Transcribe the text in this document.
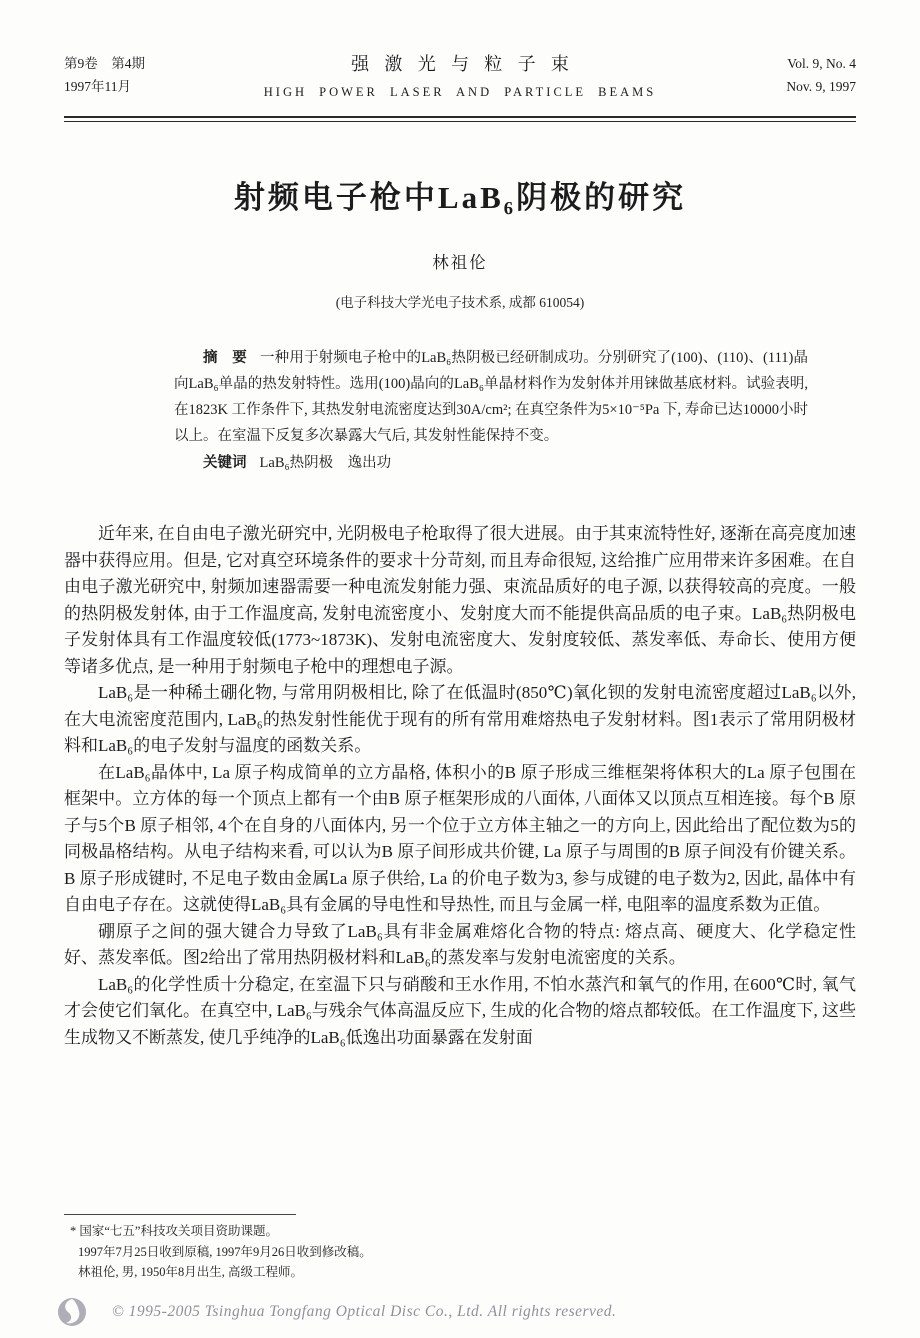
第9卷　第4期
1997年11月
强激光与粒子束
HIGH POWER LASER AND PARTICLE BEAMS
Vol. 9, No. 4
Nov. 9, 1997
射频电子枪中LaB₆阴极的研究
林祖伦
(电子科技大学光电子技术系, 成都 610054)

摘　要 一种用于射频电子枪中的LaB₆热阴极已经研制成功。分别研究了(100)、(110)、(111)晶向LaB₆单晶的热发射特性。选用(100)晶向的LaB₆单晶材料作为发射体并用铼做基底材料。试验表明, 在1823K 工作条件下, 其热发射电流密度达到30A/cm²; 在真空条件为5×10⁻⁵Pa 下, 寿命已达10000小时以上。在室温下反复多次暴露大气后, 其发射性能保持不变。

关键词 LaB₆热阴极　逸出功

近年来, 在自由电子激光研究中, 光阴极电子枪取得了很大进展。由于其束流特性好, 逐渐在高亮度加速器中获得应用。但是, 它对真空环境条件的要求十分苛刻, 而且寿命很短, 这给推广应用带来许多困难。在自由电子激光研究中, 射频加速器需要一种电流发射能力强、束流品质好的电子源, 以获得较高的亮度。一般的热阴极发射体, 由于工作温度高, 发射电流密度小、发射度大而不能提供高品质的电子束。LaB₆热阴极电子发射体具有工作温度较低(1773~1873K)、发射电流密度大、发射度较低、蒸发率低、寿命长、使用方便等诸多优点, 是一种用于射频电子枪中的理想电子源。

LaB₆是一种稀土硼化物, 与常用阴极相比, 除了在低温时(850℃)氧化钡的发射电流密度超过LaB₆以外, 在大电流密度范围内, LaB₆的热发射性能优于现有的所有常用难熔热电子发射材料。图1表示了常用阴极材料和LaB₆的电子发射与温度的函数关系。

在LaB₆晶体中, La 原子构成简单的立方晶格, 体积小的B 原子形成三维框架将体积大的La 原子包围在框架中。立方体的每一个顶点上都有一个由B 原子框架形成的八面体, 八面体又以顶点互相连接。每个B 原子与5个B 原子相邻, 4个在自身的八面体内, 另一个位于立方体主轴之一的方向上, 因此给出了配位数为5的同极晶格结构。从电子结构来看, 可以认为B 原子间形成共价键, La 原子与周围的B 原子间没有价键关系。B 原子形成键时, 不足电子数由金属La 原子供给, La 的价电子数为3, 参与成键的电子数为2, 因此, 晶体中有自由电子存在。这就使得LaB₆具有金属的导电性和导热性, 而且与金属一样, 电阻率的温度系数为正值。

硼原子之间的强大键合力导致了LaB₆具有非金属难熔化合物的特点: 熔点高、硬度大、化学稳定性好、蒸发率低。图2给出了常用热阴极材料和LaB₆的蒸发率与发射电流密度的关系。

LaB₆的化学性质十分稳定, 在室温下只与硝酸和王水作用, 不怕水蒸汽和氧气的作用, 在600℃时, 氧气才会使它们氧化。在真空中, LaB₆与残余气体高温反应下, 生成的化合物的熔点都较低。在工作温度下, 这些生成物又不断蒸发, 使几乎纯净的LaB₆低逸出功面暴露在发射面

* 国家“七五”科技攻关项目资助课题。
1997年7月25日收到原稿, 1997年9月26日收到修改稿。
林祖伦, 男, 1950年8月出生, 高级工程师。
© 1995-2005 Tsinghua Tongfang Optical Disc Co., Ltd. All rights reserved.
